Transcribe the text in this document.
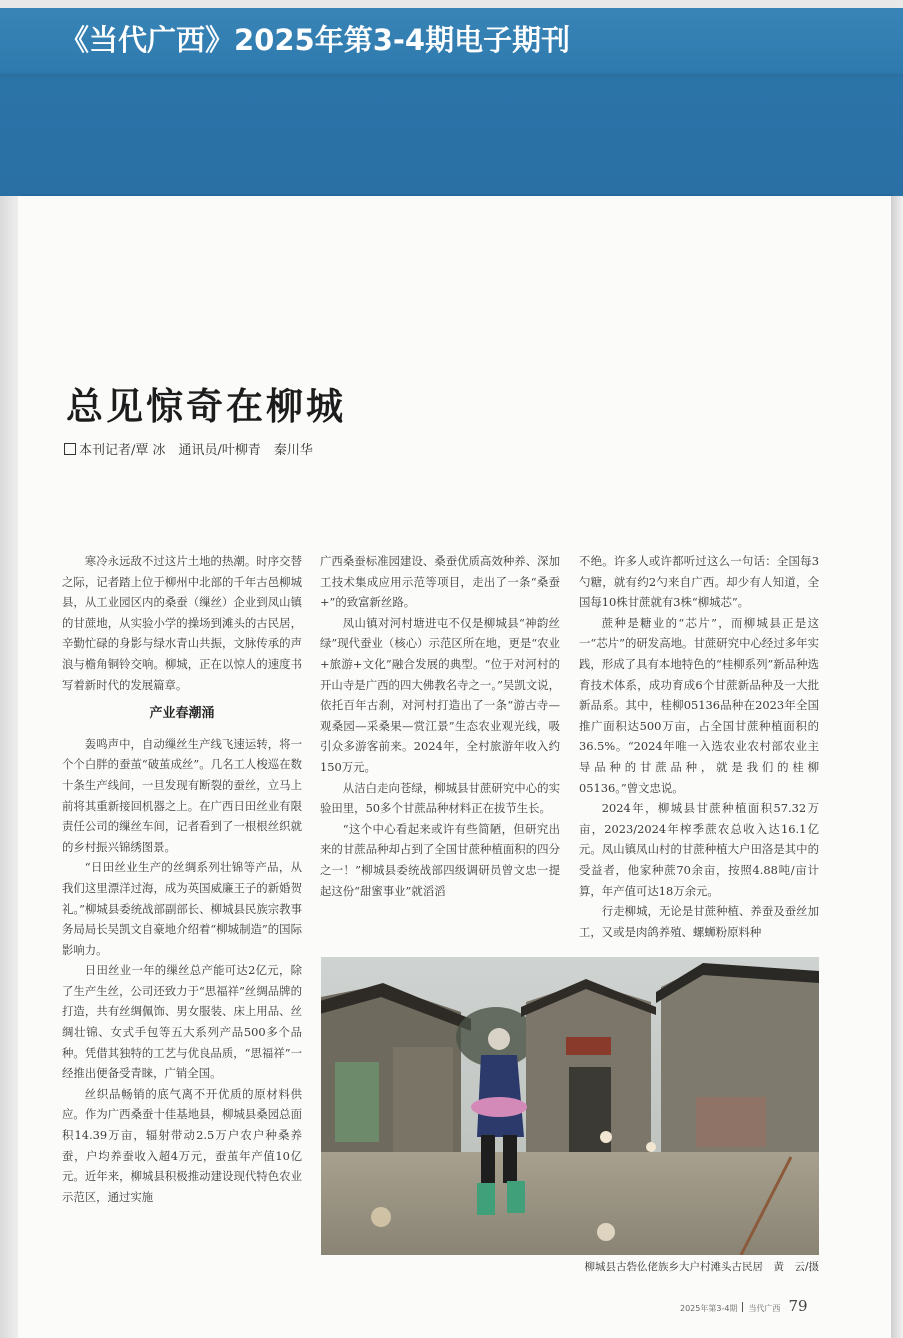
《当代广西》2025年第3-4期电子期刊
总见惊奇在柳城
本刊记者/覃 冰　通讯员/叶柳青　秦川华

寒冷永远敌不过这片土地的热潮。时序交替之际，记者踏上位于柳州中北部的千年古邑柳城县，从工业园区内的桑蚕（缫丝）企业到凤山镇的甘蔗地，从实验小学的操场到滩头的古民居，辛勤忙碌的身影与绿水青山共振，文脉传承的声浪与檐角铜铃交响。柳城，正在以惊人的速度书写着新时代的发展篇章。

产业春潮涌

轰鸣声中，自动缫丝生产线飞速运转，将一个个白胖的蚕茧“破茧成丝”。几名工人梭巡在数十条生产线间，一旦发现有断裂的蚕丝，立马上前将其重新接回机器之上。在广西日田丝业有限责任公司的缫丝车间，记者看到了一根根丝织就的乡村振兴锦绣图景。

“日田丝业生产的丝绸系列壮锦等产品，从我们这里漂洋过海，成为英国威廉王子的新婚贺礼。”柳城县委统战部副部长、柳城县民族宗教事务局局长吴凯文自豪地介绍着“柳城制造”的国际影响力。

日田丝业一年的缫丝总产能可达2亿元，除了生产生丝，公司还致力于“思福祥”丝绸品牌的打造，共有丝绸佩饰、男女服装、床上用品、丝绸壮锦、女式手包等五大系列产品500多个品种。凭借其独特的工艺与优良品质，“思福祥”一经推出便备受青睐，广销全国。

丝织品畅销的底气离不开优质的原材料供应。作为广西桑蚕十佳基地县，柳城县桑园总面积14.39万亩，辐射带动2.5万户农户种桑养蚕，户均养蚕收入超4万元，蚕茧年产值10亿元。近年来，柳城县积极推动建设现代特色农业示范区，通过实施

广西桑蚕标准园建设、桑蚕优质高效种养、深加工技术集成应用示范等项目，走出了一条“桑蚕+”的致富新丝路。

凤山镇对河村塘进屯不仅是柳城县“神韵丝绿”现代蚕业（核心）示范区所在地，更是“农业+旅游+文化”融合发展的典型。“位于对河村的开山寺是广西的四大佛教名寺之一。”吴凯文说，依托百年古刹，对河村打造出了一条“游古寺—观桑园—采桑果—赏江景”生态农业观光线，吸引众多游客前来。2024年，全村旅游年收入约150万元。

从洁白走向苍绿，柳城县甘蔗研究中心的实验田里，50多个甘蔗品种材料正在拔节生长。

“这个中心看起来或许有些简陋，但研究出来的甘蔗品种却占到了全国甘蔗种植面积的四分之一！”柳城县委统战部四级调研员曾文忠一提起这份“甜蜜事业”就滔滔

不绝。许多人或许都听过这么一句话：全国每3勺糖，就有约2勺来自广西。却少有人知道，全国每10株甘蔗就有3株“柳城芯”。

蔗种是糖业的“芯片”，而柳城县正是这一“芯片”的研发高地。甘蔗研究中心经过多年实践，形成了具有本地特色的“桂柳系列”新品种选育技术体系，成功育成6个甘蔗新品种及一大批新品系。其中，桂柳05136品种在2023年全国推广面积达500万亩，占全国甘蔗种植面积的36.5%。“2024年唯一入选农业农村部农业主导品种的甘蔗品种，就是我们的桂柳05136。”曾文忠说。

2024年，柳城县甘蔗种植面积57.32万亩，2023/2024年榨季蔗农总收入达16.1亿元。凤山镇凤山村的甘蔗种植大户田洛是其中的受益者，他家种蔗70余亩，按照4.88吨/亩计算，年产值可达18万余元。

行走柳城，无论是甘蔗种植、养蚕及蚕丝加工，又或是肉鸽养殖、螺蛳粉原料种

柳城县古砦仫佬族乡大户村滩头古民居　黄　云/摄
2025年第3-4期 当代广西 79
